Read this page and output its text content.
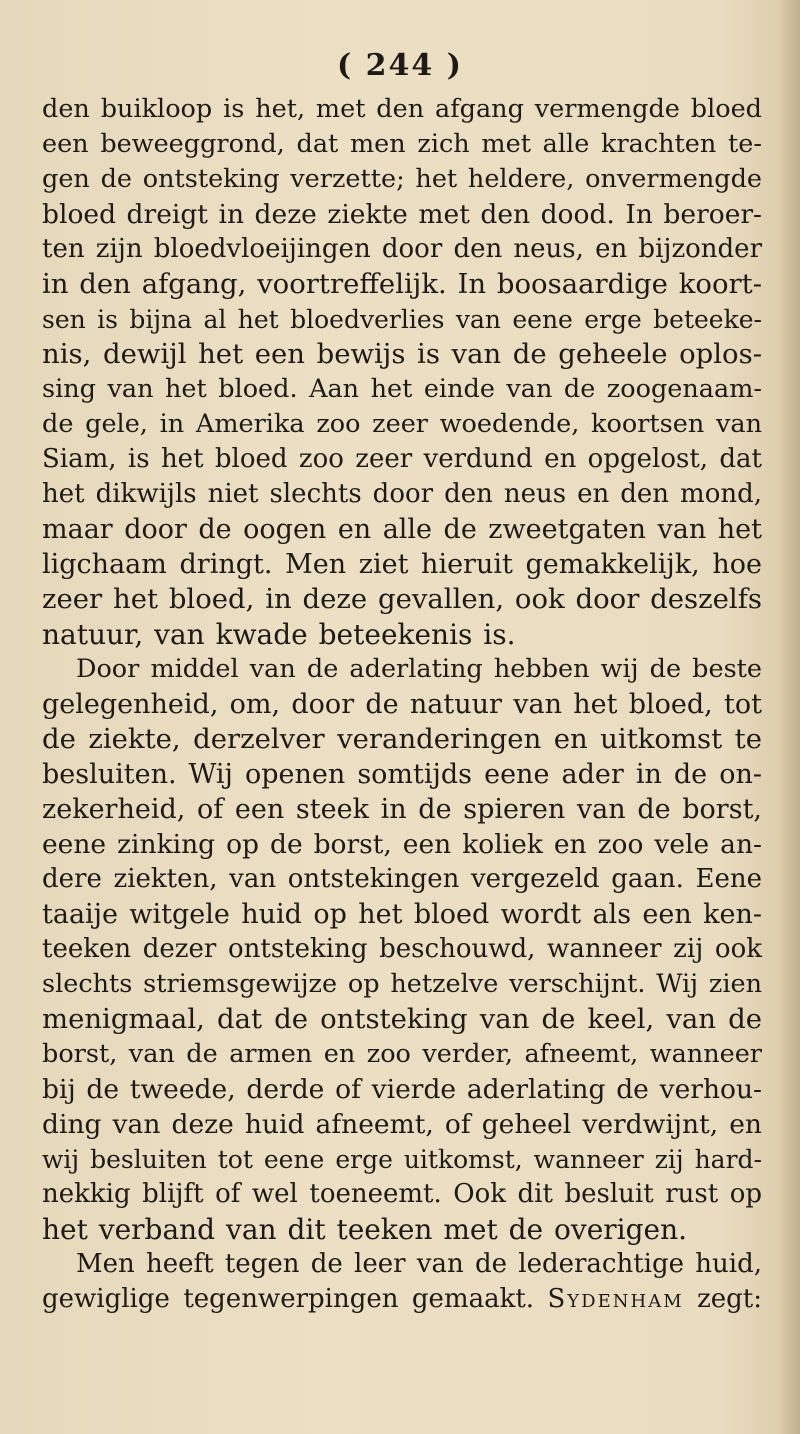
( 244 )
den buikloop is het, met den afgang vermengde bloed
een beweeggrond, dat men zich met alle krachten te-
gen de ontsteking verzette; het heldere, onvermengde
bloed dreigt in deze ziekte met den dood. In beroer-
ten zijn bloedvloeijingen door den neus, en bijzonder
in den afgang, voortreffelijk. In boosaardige koort-
sen is bijna al het bloedverlies van eene erge beteeke-
nis, dewijl het een bewijs is van de geheele oplos-
sing van het bloed. Aan het einde van de zoogenaam-
de gele, in Amerika zoo zeer woedende, koortsen van
Siam, is het bloed zoo zeer verdund en opgelost, dat
het dikwijls niet slechts door den neus en den mond,
maar door de oogen en alle de zweetgaten van het
ligchaam dringt. Men ziet hieruit gemakkelijk, hoe
zeer het bloed, in deze gevallen, ook door deszelfs
natuur, van kwade beteekenis is.
Door middel van de aderlating hebben wij de beste
gelegenheid, om, door de natuur van het bloed, tot
de ziekte, derzelver veranderingen en uitkomst te
besluiten. Wij openen somtijds eene ader in de on-
zekerheid, of een steek in de spieren van de borst,
eene zinking op de borst, een koliek en zoo vele an-
dere ziekten, van ontstekingen vergezeld gaan. Eene
taaije witgele huid op het bloed wordt als een ken-
teeken dezer ontsteking beschouwd, wanneer zij ook
slechts striemsgewijze op hetzelve verschijnt. Wij zien
menigmaal, dat de ontsteking van de keel, van de
borst, van de armen en zoo verder, afneemt, wanneer
bij de tweede, derde of vierde aderlating de verhou-
ding van deze huid afneemt, of geheel verdwijnt, en
wij besluiten tot eene erge uitkomst, wanneer zij hard-
nekkig blijft of wel toeneemt. Ook dit besluit rust op
het verband van dit teeken met de overigen.
Men heeft tegen de leer van de lederachtige huid,
gewiglige tegenwerpingen gemaakt. Sydenham zegt:
